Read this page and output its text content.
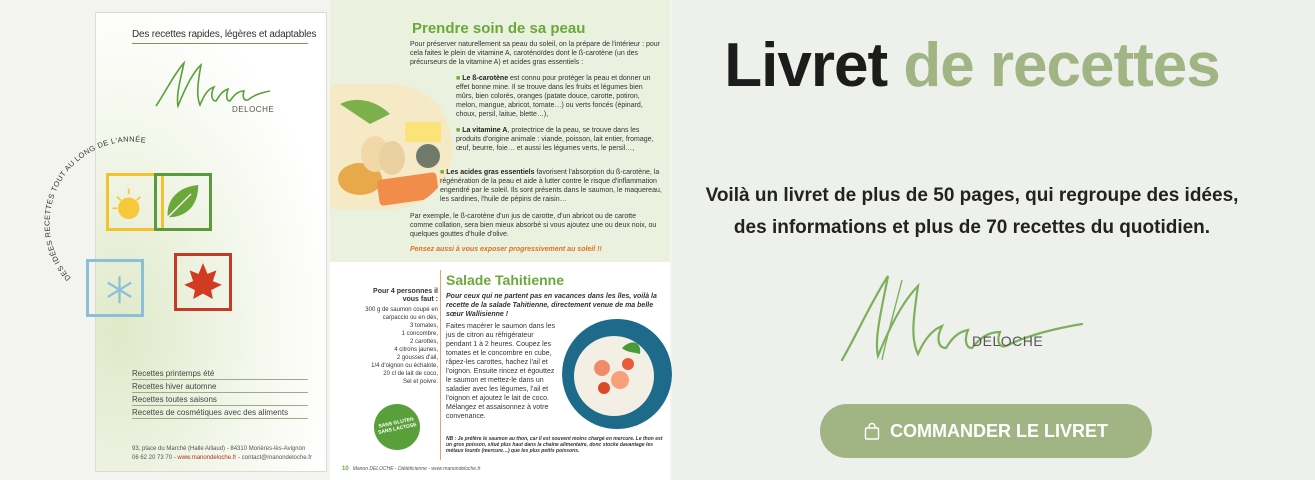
Des recettes rapides, légères et adaptables
DELOCHE
DES IDÉES RECETTES TOUT AU LONG DE L'ANNÉE
Recettes printemps été
Recettes hiver automne
Recettes toutes saisons
Recettes de cosmétiques avec des aliments
93, place du Marché (Halle Aillaud) - 84310 Morières-lès-Avignon
06 62 20 73 70 - www.manondeloche.fr - contact@manondeloche.fr
Prendre soin de sa peau
Pour préserver naturellement sa peau du soleil, on la prépare de l'intérieur : pour cela faites le plein de vitamine A, caroténoïdes dont le ß-carotène (un des précurseurs de la vitamine A) et acides gras essentiels :
■ Le ß-carotène est connu pour protéger la peau et donner un effet bonne mine. Il se trouve dans les fruits et légumes bien mûrs, bien colorés, oranges (patate douce, carotte, potiron, melon, mangue, abricot, tomate…) ou verts foncés (épinard, choux, persil, laitue, blette…),
■ La vitamine A, protectrice de la peau, se trouve dans les produits d'origine animale : viande, poisson, lait entier, fromage, œuf, beurre, foie… et aussi les légumes verts, le persil…,
■ Les acides gras essentiels favorisent l'absorption du ß-carotène, la régénération de la peau et aide à lutter contre le risque d'inflammation engendré par le soleil. Ils sont présents dans le saumon, le maquereau, les sardines, l'huile de pépins de raisin…
Par exemple, le ß-carotène d'un jus de carotte, d'un abricot ou de carotte comme collation, sera bien mieux absorbé si vous ajoutez une ou deux noix, ou quelques gouttes d'huile d'olive.
Pensez aussi à vous exposer progressivement au soleil !!
Pour 4 personnes il vous faut :
300 g de saumon coupé en carpaccio ou en dés,
3 tomates,
1 concombre,
2 carottes,
4 citrons jaunes,
2 gousses d'ail,
1/4 d'oignon ou échalote,
20 cl de lait de coco,
Sel et poivre.
Salade Tahitienne
Pour ceux qui ne partent pas en vacances dans les îles, voilà la recette de la salade Tahitienne, directement venue de ma belle sœur Wallisienne !
Faites macérer le saumon dans les jus de citron au réfrigérateur pendant 1 à 2 heures. Coupez les tomates et le concombre en cube, râpez-les carottes, hachez l'ail et l'oignon. Ensuite rincez et égouttez le saumon et mettez-le dans un saladier avec les légumes, l'ail et l'oignon et ajoutez le lait de coco. Mélangez et assaisonnez à votre convenance.
NB : Je préfère le saumon au thon, car il est souvent moins chargé en mercure. Le thon est un gros poisson, situé plus haut dans la chaîne alimentaire, donc stocke davantage les métaux lourds (mercure…) que les plus petits poissons.
SANS GLUTEN SANS LACTOSE
10 Manon DELOCHE - Diététicienne - www.manondeloche.fr
Livret de recettes
Voilà un livret de plus de 50 pages, qui regroupe des idées,
des informations et plus de 70 recettes du quotidien.
DELOCHE
COMMANDER LE LIVRET
